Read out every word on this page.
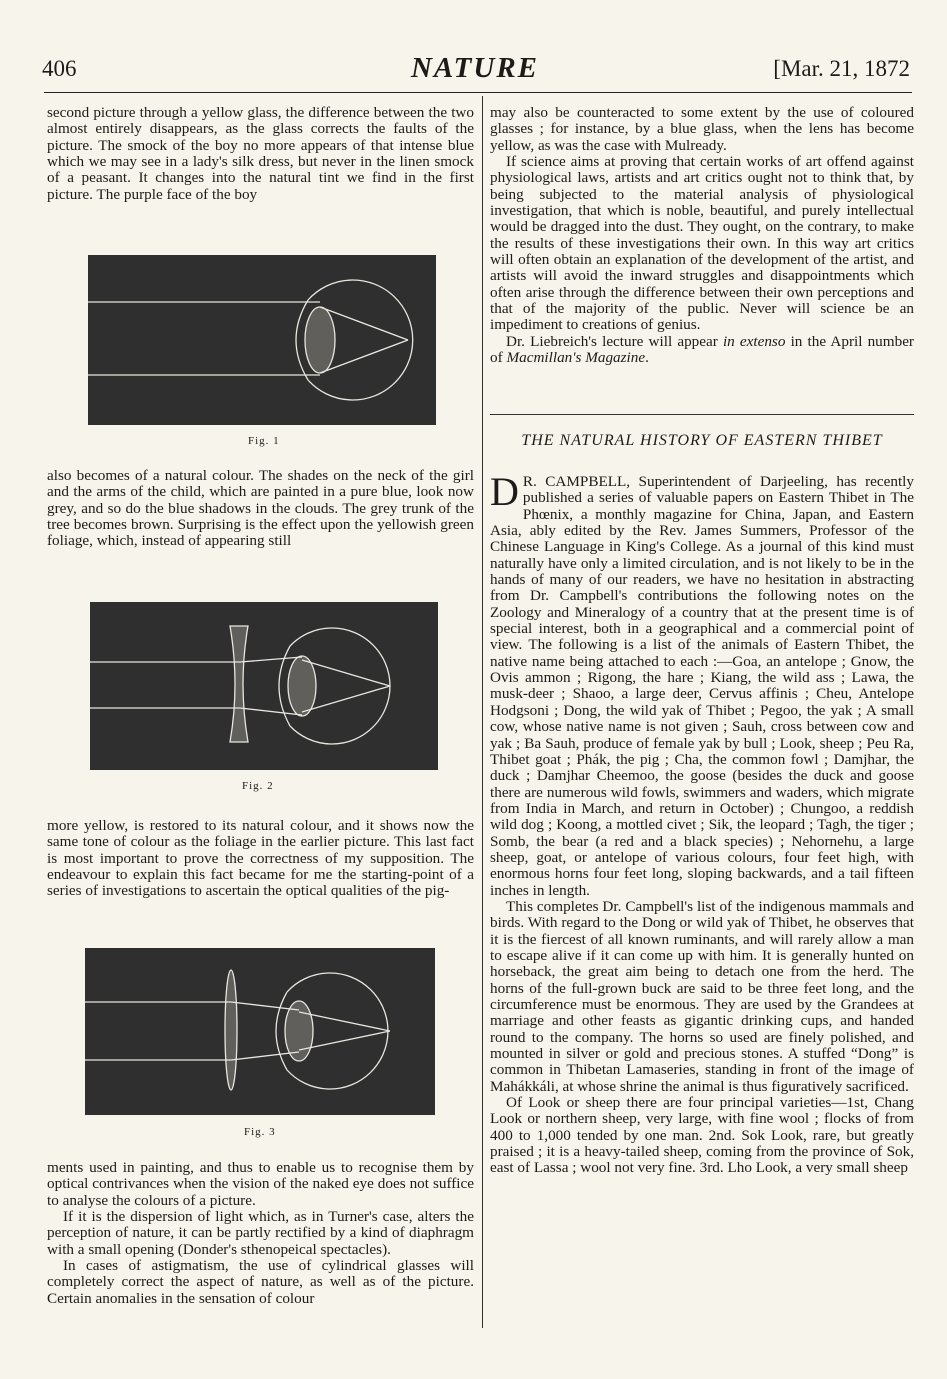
406	NATURE	[Mar. 21, 1872

second picture through a yellow glass, the difference between the two almost entirely disappears, as the glass corrects the faults of the picture. The smock of the boy no more appears of that intense blue which we may see in a lady's silk dress, but never in the linen smock of a peasant. It changes into the natural tint we find in the first picture. The purple face of the boy

Fig. 1

also becomes of a natural colour. The shades on the neck of the girl and the arms of the child, which are painted in a pure blue, look now grey, and so do the blue shadows in the clouds. The grey trunk of the tree becomes brown. Surprising is the effect upon the yellowish green foliage, which, instead of appearing still

Fig. 2

more yellow, is restored to its natural colour, and it shows now the same tone of colour as the foliage in the earlier picture. This last fact is most important to prove the correctness of my supposition. The endeavour to explain this fact became for me the starting-point of a series of investigations to ascertain the optical qualities of the pig-

Fig. 3

ments used in painting, and thus to enable us to recognise them by optical contrivances when the vision of the naked eye does not suffice to analyse the colours of a picture.

If it is the dispersion of light which, as in Turner's case, alters the perception of nature, it can be partly rectified by a kind of diaphragm with a small opening (Donder's sthenopeical spectacles).

In cases of astigmatism, the use of cylindrical glasses will completely correct the aspect of nature, as well as of the picture. Certain anomalies in the sensation of colour

may also be counteracted to some extent by the use of coloured glasses ; for instance, by a blue glass, when the lens has become yellow, as was the case with Mulready.

If science aims at proving that certain works of art offend against physiological laws, artists and art critics ought not to think that, by being subjected to the material analysis of physiological investigation, that which is noble, beautiful, and purely intellectual would be dragged into the dust. They ought, on the contrary, to make the results of these investigations their own. In this way art critics will often obtain an explanation of the development of the artist, and artists will avoid the inward struggles and disappointments which often arise through the difference between their own perceptions and that of the majority of the public. Never will science be an impediment to creations of genius.

Dr. Liebreich's lecture will appear in extenso in the April number of Macmillan's Magazine.

THE NATURAL HISTORY OF EASTERN THIBET

D R. CAMPBELL, Superintendent of Darjeeling, has recently published a series of valuable papers on Eastern Thibet in The Phœnix, a monthly magazine for China, Japan, and Eastern Asia, ably edited by the Rev. James Summers, Professor of the Chinese Language in King's College. As a journal of this kind must naturally have only a limited circulation, and is not likely to be in the hands of many of our readers, we have no hesitation in abstracting from Dr. Campbell's contributions the following notes on the Zoology and Mineralogy of a country that at the present time is of special interest, both in a geographical and a commercial point of view. The following is a list of the animals of Eastern Thibet, the native name being attached to each :—Goa, an antelope ; Gnow, the Ovis ammon ; Rigong, the hare ; Kiang, the wild ass ; Lawa, the musk-deer ; Shaoo, a large deer, Cervus affinis ; Cheu, Antelope Hodgsoni ; Dong, the wild yak of Thibet ; Pegoo, the yak ; A small cow, whose native name is not given ; Sauh, cross between cow and yak ; Ba Sauh, produce of female yak by bull ; Look, sheep ; Peu Ra, Thibet goat ; Phák, the pig ; Cha, the common fowl ; Damjhar, the duck ; Damjhar Cheemoo, the goose (besides the duck and goose there are numerous wild fowls, swimmers and waders, which migrate from India in March, and return in October) ; Chungoo, a reddish wild dog ; Koong, a mottled civet ; Sik, the leopard ; Tagh, the tiger ; Somb, the bear (a red and a black species) ; Nehornehu, a large sheep, goat, or antelope of various colours, four feet high, with enormous horns four feet long, sloping backwards, and a tail fifteen inches in length.

This completes Dr. Campbell's list of the indigenous mammals and birds. With regard to the Dong or wild yak of Thibet, he observes that it is the fiercest of all known ruminants, and will rarely allow a man to escape alive if it can come up with him. It is generally hunted on horseback, the great aim being to detach one from the herd. The horns of the full-grown buck are said to be three feet long, and the circumference must be enormous. They are used by the Grandees at marriage and other feasts as gigantic drinking cups, and handed round to the company. The horns so used are finely polished, and mounted in silver or gold and precious stones. A stuffed “Dong” is common in Thibetan Lamaseries, standing in front of the image of Mahákkáli, at whose shrine the animal is thus figuratively sacrificed.

Of Look or sheep there are four principal varieties—1st, Chang Look or northern sheep, very large, with fine wool ; flocks of from 400 to 1,000 tended by one man. 2nd. Sok Look, rare, but greatly praised ; it is a heavy-tailed sheep, coming from the province of Sok, east of Lassa ; wool not very fine. 3rd. Lho Look, a very small sheep
